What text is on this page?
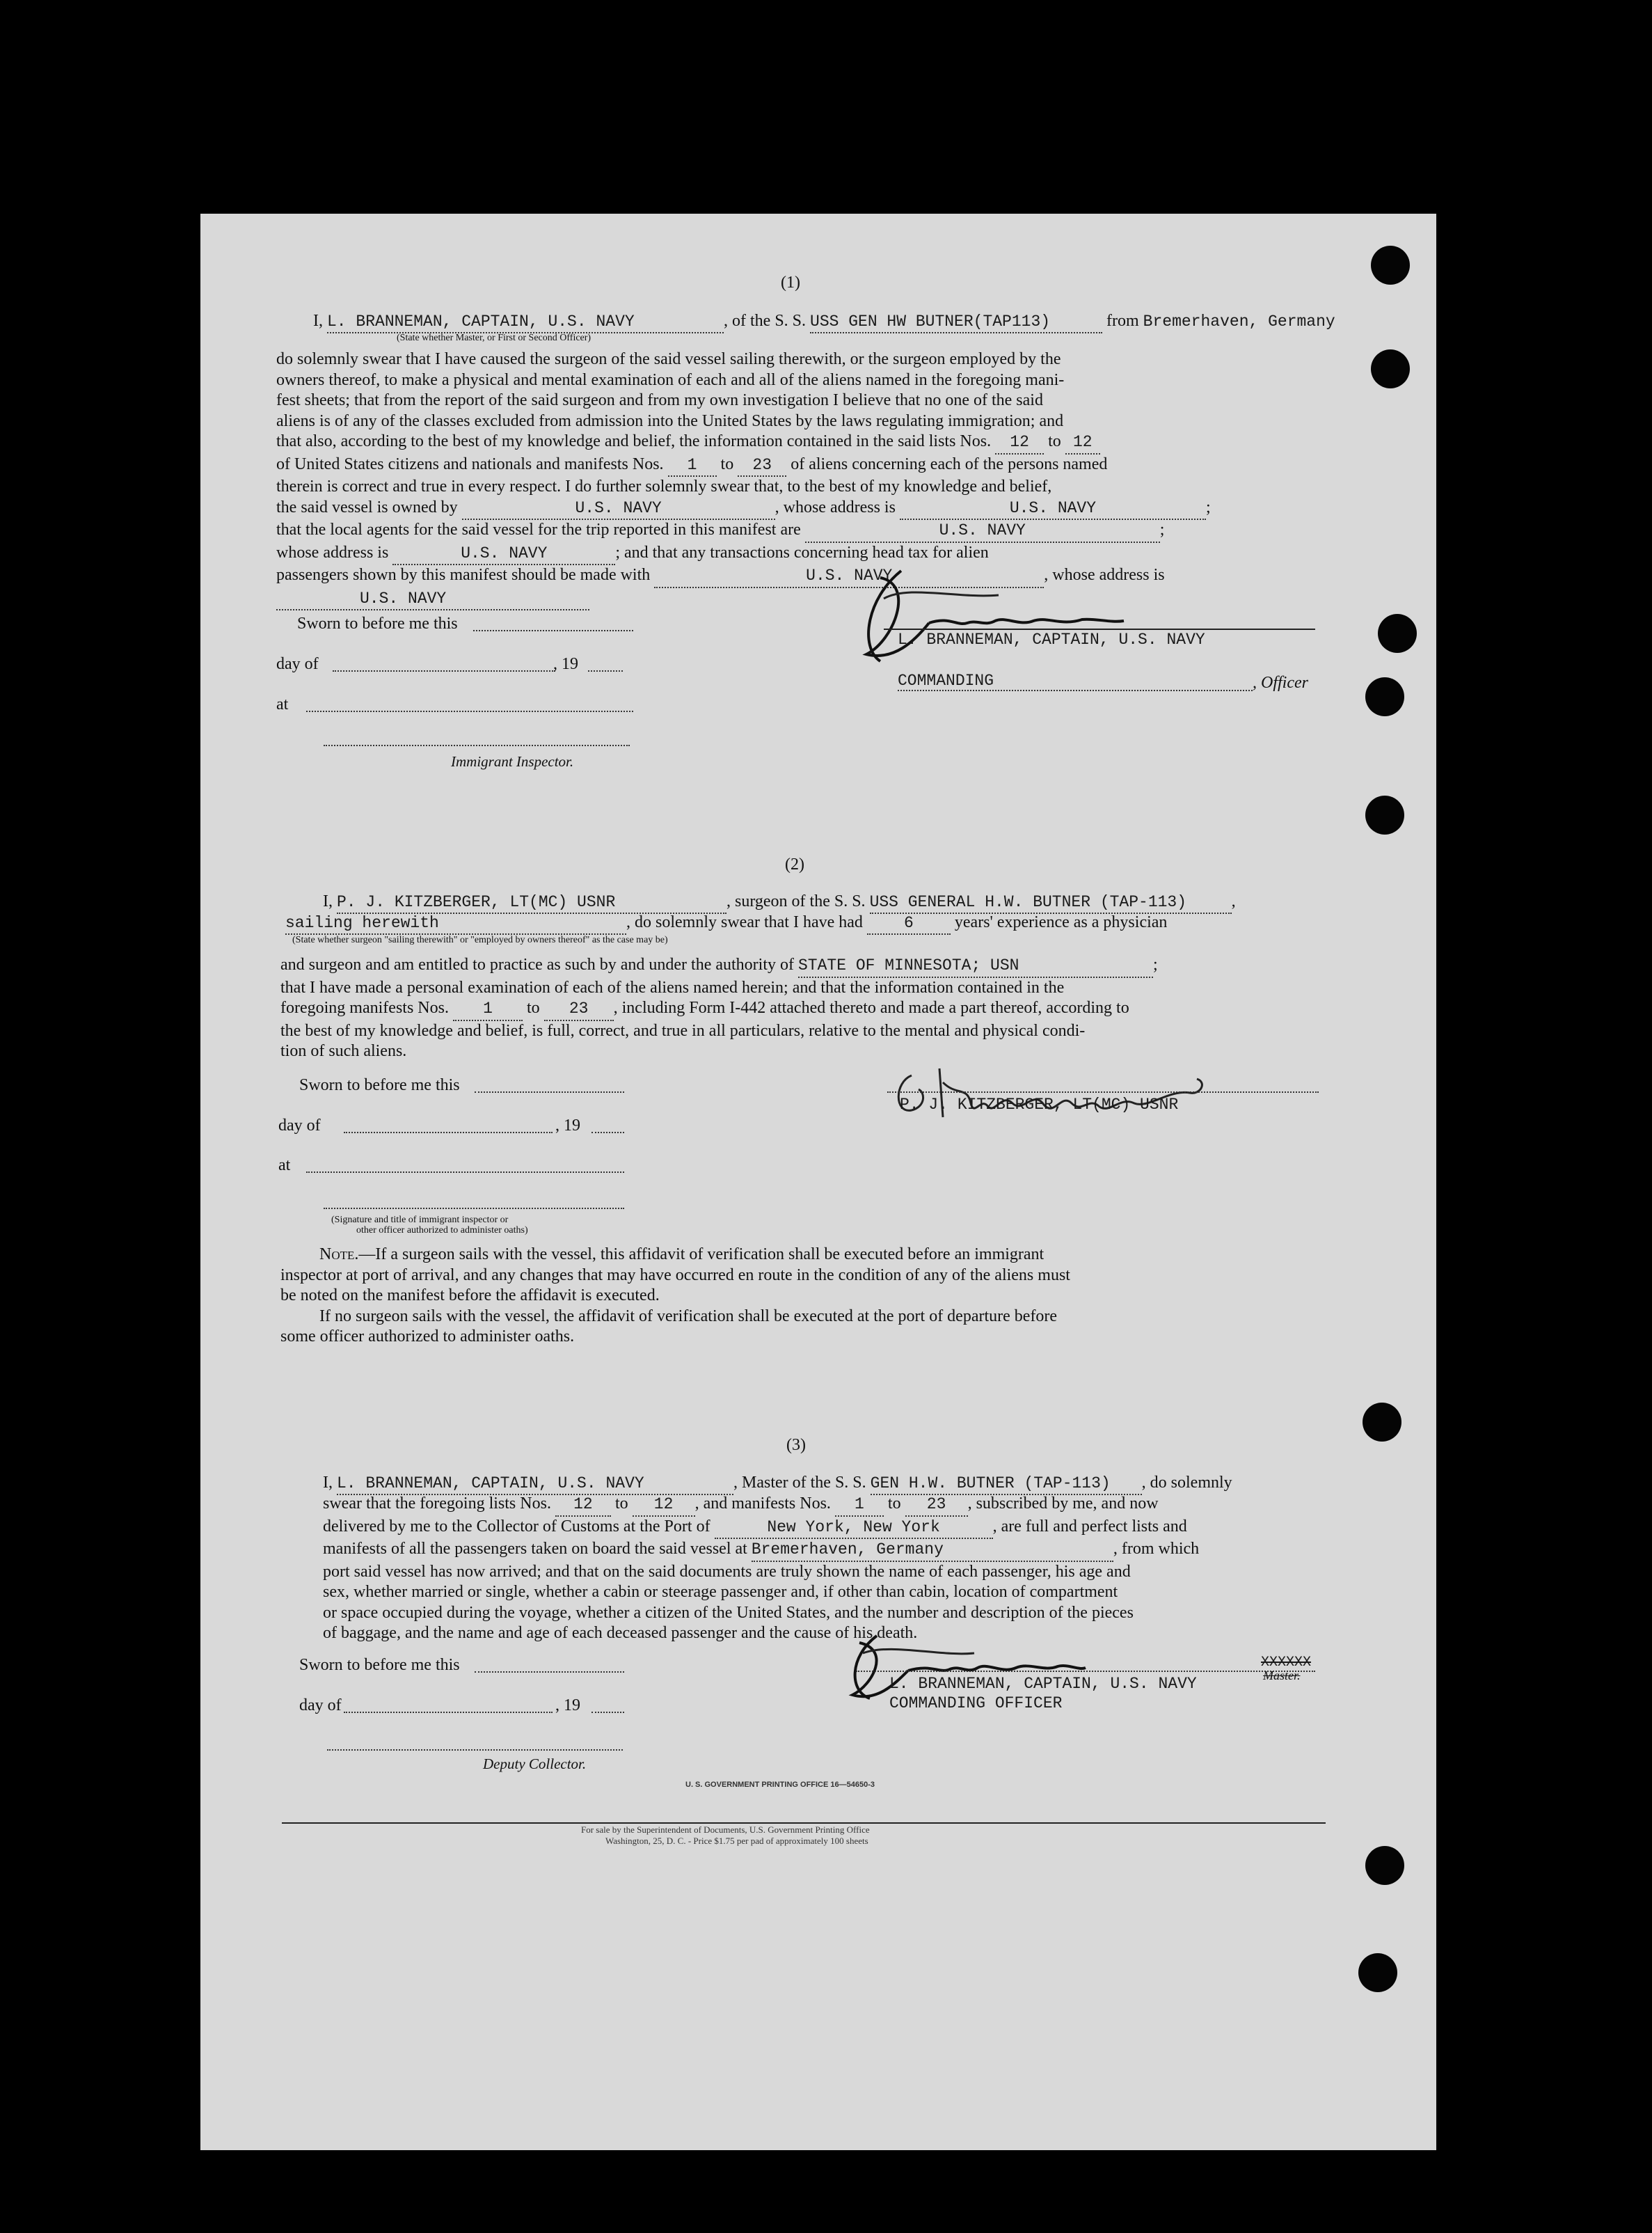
(1)
I, L. BRANNEMAN, CAPTAIN, U.S. NAVY	, of the S. S. USS GEN HW BUTNER(TAP113)	from Bremerhaven, Germany
(State whether Master, or First or Second Officer)
do solemnly swear that I have caused the surgeon of the said vessel sailing therewith, or the surgeon employed by the
owners thereof, to make a physical and mental examination of each and all of the aliens named in the foregoing mani-
fest sheets; that from the report of the said surgeon and from my own investigation I believe that no one of the said
aliens is of any of the classes excluded from admission into the United States by the laws regulating immigration; and
that also, according to the best of my knowledge and belief, the information contained in the said lists Nos. 12 to 12
of United States citizens and nationals and manifests Nos. 1 to 23 of aliens concerning each of the persons named
therein is correct and true in every respect. I do further solemnly swear that, to the best of my knowledge and belief,
the said vessel is owned by	U.S. NAVY	, whose address is	U.S. NAVY	;
that the local agents for the said vessel for the trip reported in this manifest are	U.S. NAVY	;
whose address is	U.S. NAVY	; and that any transactions concerning head tax for alien
passengers shown by this manifest should be made with	U.S. NAVY	, whose address is
U.S. NAVY
Sworn to before me this
day of	, 19
at
Immigrant Inspector.
L. BRANNEMAN, CAPTAIN, U.S. NAVY
COMMANDING	, Officer
(2)
I, P. J. KITZBERGER, LT(MC) USNR	, surgeon of the S. S. USS GENERAL H.W. BUTNER (TAP-113)	,
sailing herewith	, do solemnly swear that I have had	6 years' experience as a physician
(State whether surgeon "sailing therewith" or "employed by owners thereof" as the case may be)
and surgeon and am entitled to practice as such by and under the authority of STATE OF MINNESOTA; USN	;
that I have made a personal examination of each of the aliens named herein; and that the information contained in the
foregoing manifests Nos. 1 to 23 , including Form I-442 attached thereto and made a part thereof, according to
the best of my knowledge and belief, is full, correct, and true in all particulars, relative to the mental and physical condi-
tion of such aliens.
Sworn to before me this
day of	, 19
at
(Signature and title of immigrant inspector or
other officer authorized to administer oaths)
P. J. KITZBERGER, LT(MC) USNR
Note.—If a surgeon sails with the vessel, this affidavit of verification shall be executed before an immigrant
inspector at port of arrival, and any changes that may have occurred en route in the condition of any of the aliens must
be noted on the manifest before the affidavit is executed.
If no surgeon sails with the vessel, the affidavit of verification shall be executed at the port of departure before
some officer authorized to administer oaths.
(3)
I, L. BRANNEMAN, CAPTAIN, U.S. NAVY	, Master of the S. S. GEN H.W. BUTNER (TAP-113) , do solemnly
swear that the foregoing lists Nos. 12 to 12 , and manifests Nos. 1 to 23 , subscribed by me, and now
delivered by me to the Collector of Customs at the Port of	New York, New York	, are full and perfect lists and
manifests of all the passengers taken on board the said vessel at Bremerhaven, Germany	, from which
port said vessel has now arrived; and that on the said documents are truly shown the name of each passenger, his age and
sex, whether married or single, whether a cabin or steerage passenger and, if other than cabin, location of compartment
or space occupied during the voyage, whether a citizen of the United States, and the number and description of the pieces
of baggage, and the name and age of each deceased passenger and the cause of his death.
Sworn to before me this
day of	, 19
Deputy Collector.
XXXXXX
Master.
L. BRANNEMAN, CAPTAIN, U.S. NAVY
COMMANDING OFFICER
U. S. GOVERNMENT PRINTING OFFICE 16—54650-3
For sale by the Superintendent of Documents, U.S. Government Printing Office
Washington, 25, D. C. - Price $1.75 per pad of approximately 100 sheets
